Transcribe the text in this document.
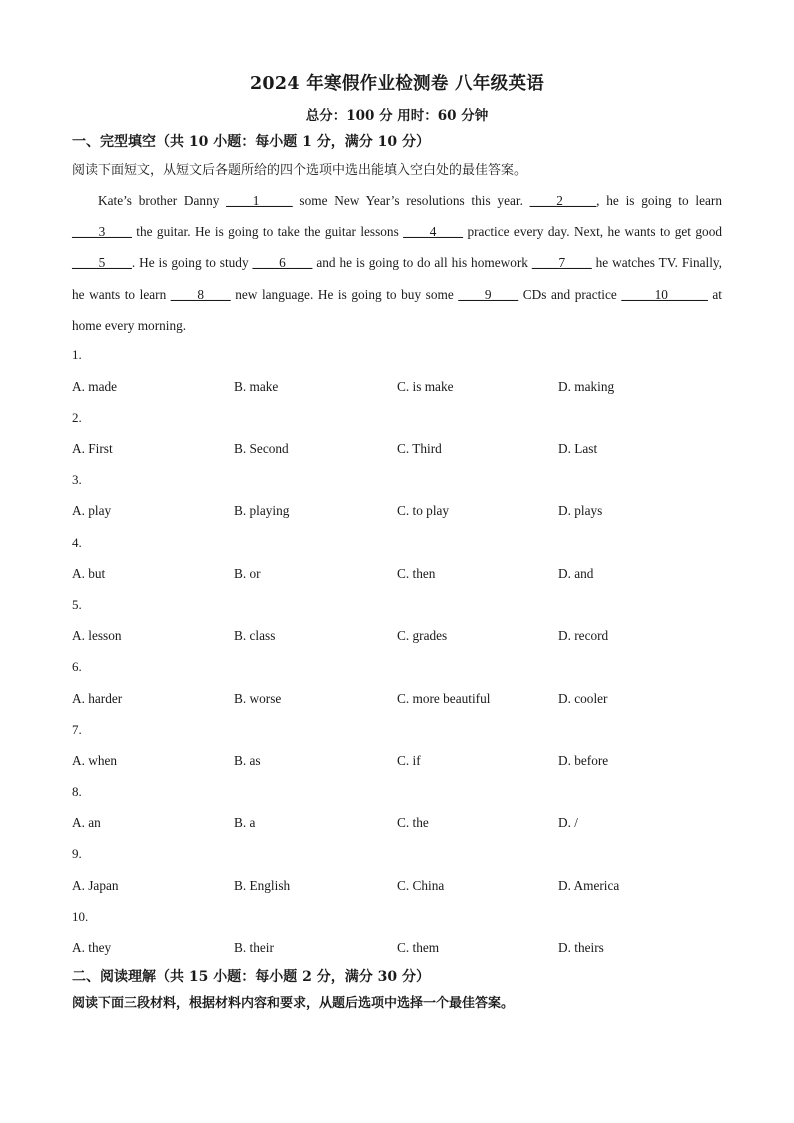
2024 年寒假作业检测卷 八年级英语
总分：100 分 用时：60 分钟
一、完型填空（共 10 小题：每小题 1 分，满分 10 分）
阅读下面短文，从短文后各题所给的四个选项中选出能填入空白处的最佳答案。
Kate’s brother Danny ____1_____ some New Year’s resolutions this year. ____2_____, he is going to learn ____3____ the guitar. He is going to take the guitar lessons ____4____ practice every day. Next, he wants to get good ____5____. He is going to study ____6____ and he is going to do all his homework ____7____ he watches TV. Finally, he wants to learn ____8____ new language. He is going to buy some ____9____ CDs and practice _____10______ at home every morning.
1.
A. made	B. make	C. is make	D. making
2.
A. First	B. Second	C. Third	D. Last
3.
A. play	B. playing	C. to play	D. plays
4.
A. but	B. or	C. then	D. and
5.
A. lesson	B. class	C. grades	D. record
6.
A. harder	B. worse	C. more beautiful	D. cooler
7.
A. when	B. as	C. if	D. before
8.
A. an	B. a	C. the	D. /
9.
A. Japan	B. English	C. China	D. America
10.
A. they	B. their	C. them	D. theirs
二、阅读理解（共 15 小题：每小题 2 分，满分 30 分）
阅读下面三段材料，根据材料内容和要求，从题后选项中选择一个最佳答案。
